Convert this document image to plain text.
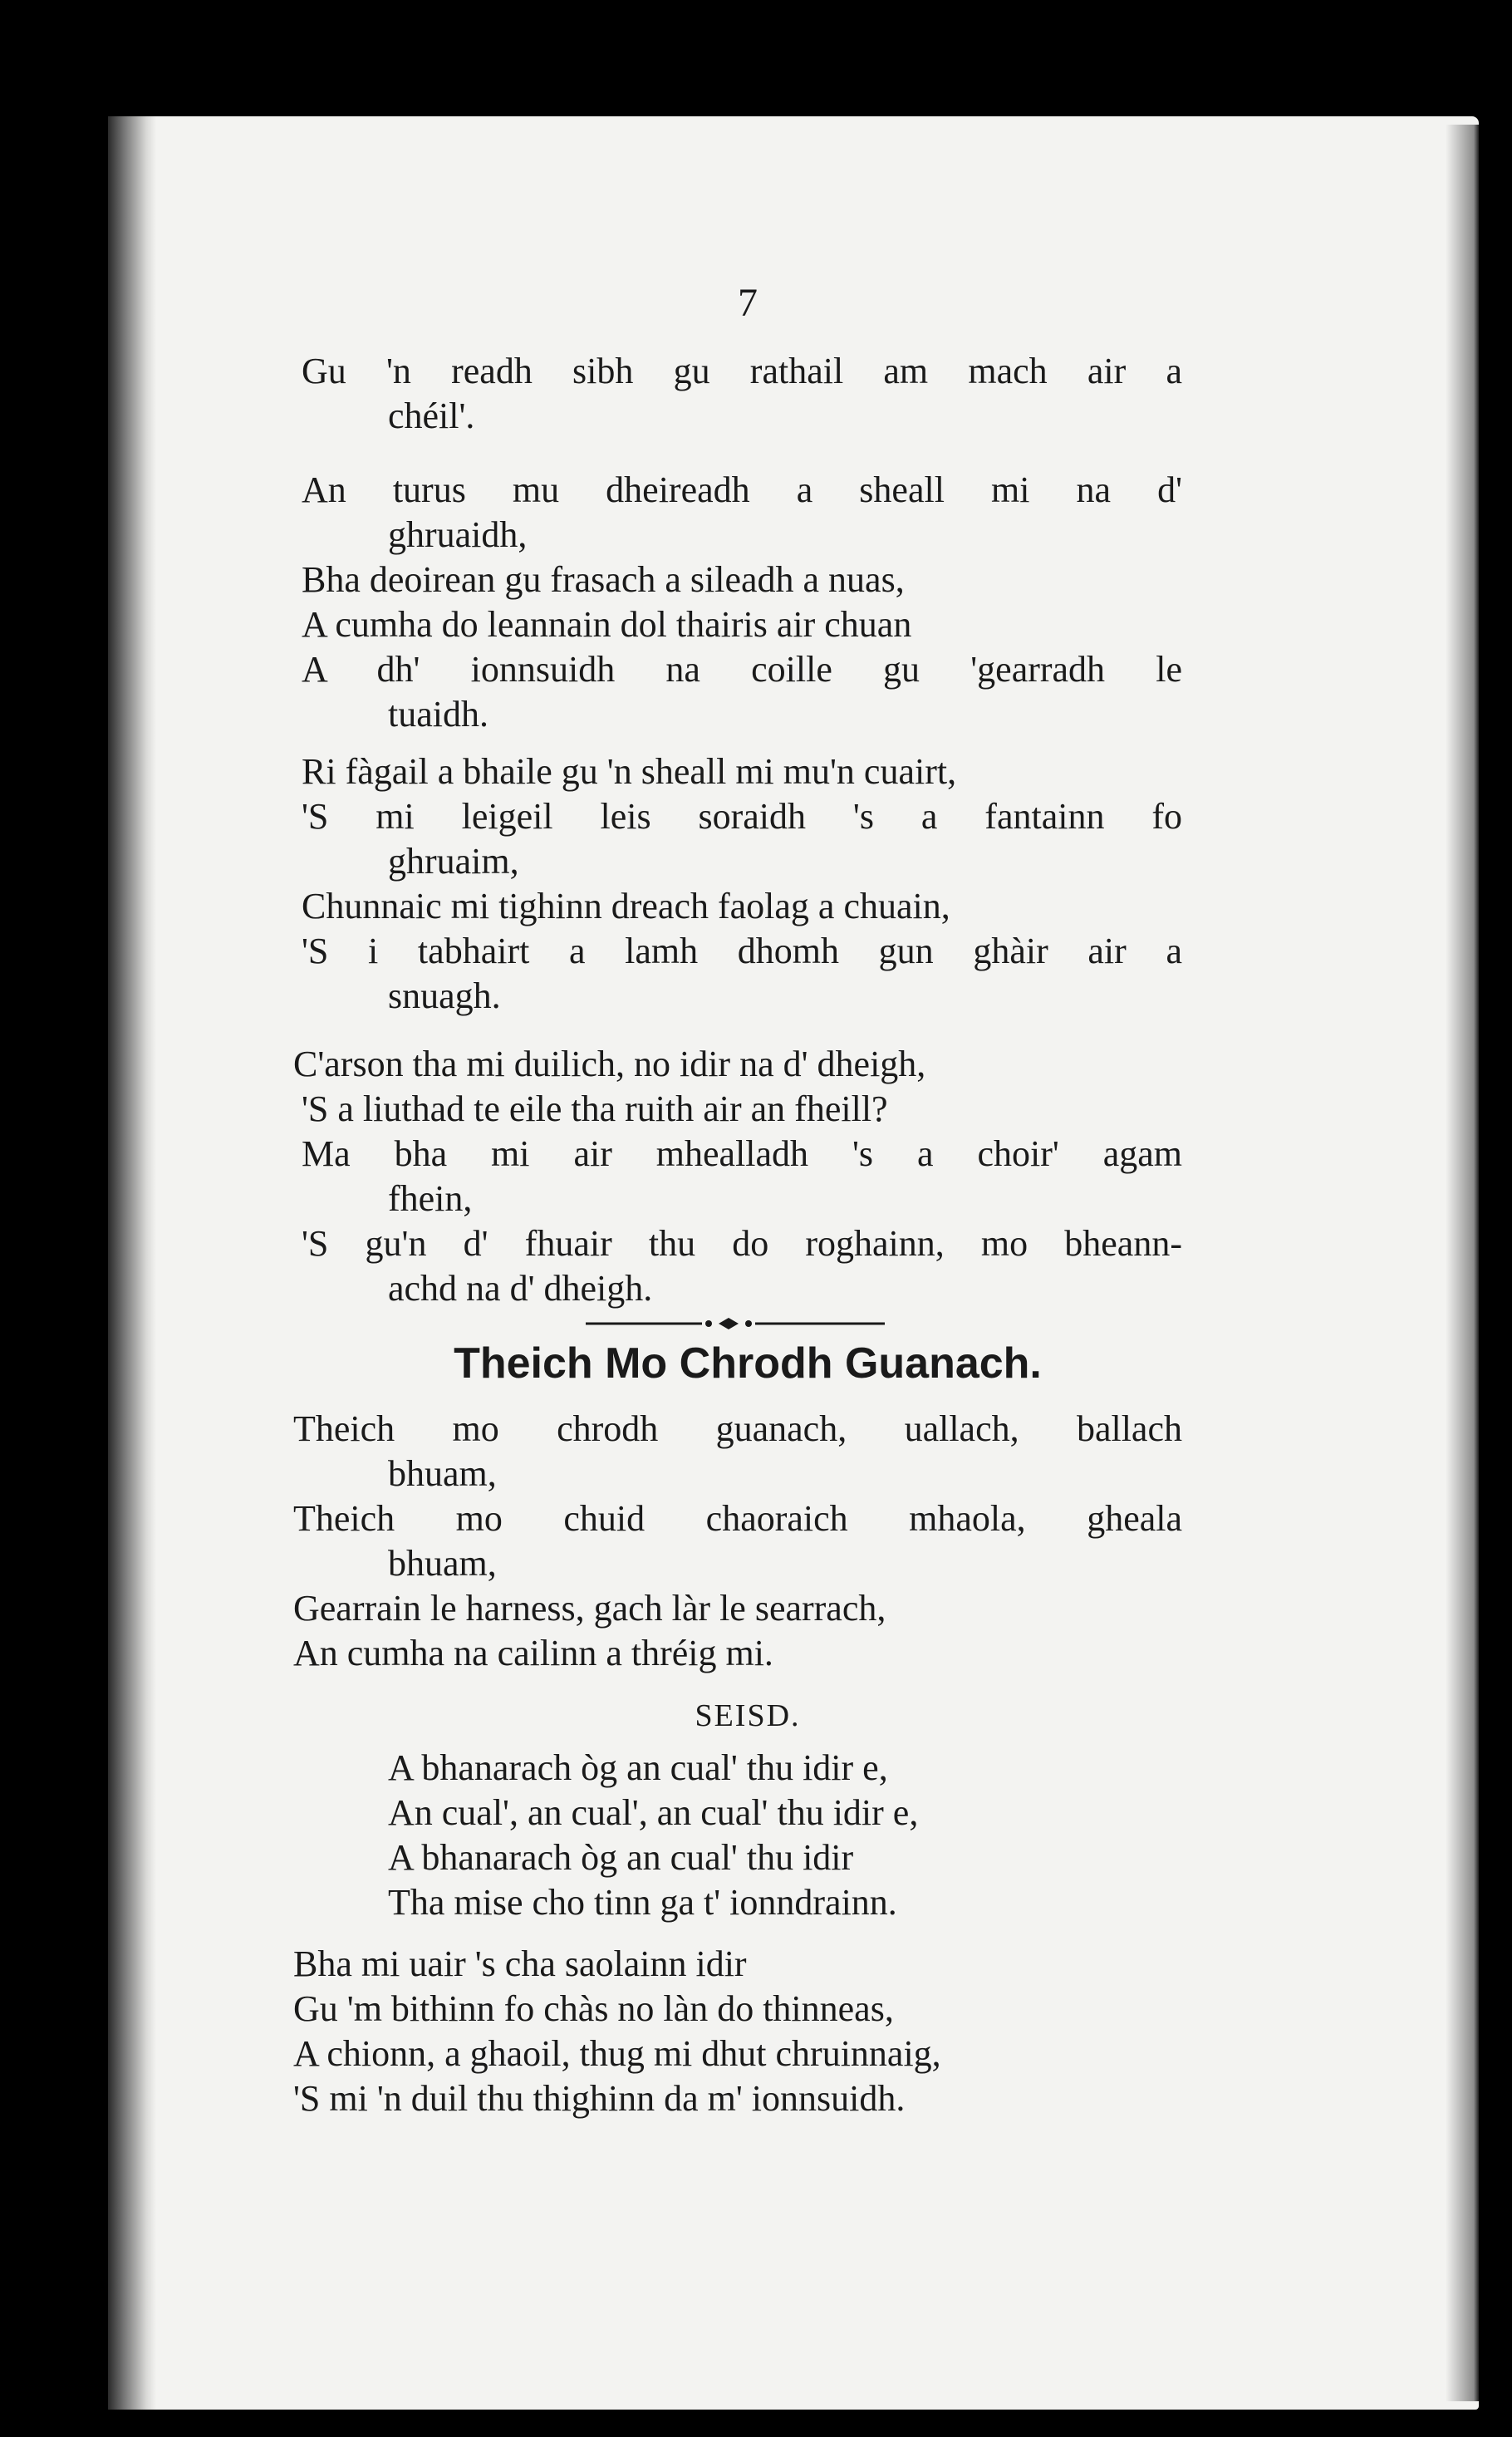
7
Gu 'n readh sibh gu rathail am mach air a
chéil'.
An turus mu dheireadh a sheall mi na d'
ghruaidh,
Bha deoirean gu frasach a sileadh a nuas,
A cumha do leannain dol thairis air chuan
A dh' ionnsuidh na coille gu 'gearradh le
tuaidh.
Ri fàgail a bhaile gu 'n sheall mi mu'n cuairt,
'S mi leigeil leis soraidh 's a fantainn fo
ghruaim,
Chunnaic mi tighinn dreach faolag a chuain,
'S i tabhairt a lamh dhomh gun ghàir air a
snuagh.
C'arson tha mi duilich, no idir na d' dheigh,
'S a liuthad te eile tha ruith air an fheill?
Ma bha mi air mhealladh 's a choir' agam
fhein,
'S gu'n d' fhuair thu do roghainn, mo bheann-
achd na d' dheigh.
Theich Mo Chrodh Guanach.
Theich mo chrodh guanach, uallach, ballach
bhuam,
Theich mo chuid chaoraich mhaola, gheala
bhuam,
Gearrain le harness, gach làr le searrach,
An cumha na cailinn a thréig mi.
SEISD.
A bhanarach òg an cual' thu idir e,
An cual', an cual', an cual' thu idir e,
A bhanarach òg an cual' thu idir
Tha mise cho tinn ga t' ionndrainn.
Bha mi uair 's cha saolainn idir
Gu 'm bithinn fo chàs no làn do thinneas,
A chionn, a ghaoil, thug mi dhut chruinnaig,
'S mi 'n duil thu thighinn da m' ionnsuidh.
